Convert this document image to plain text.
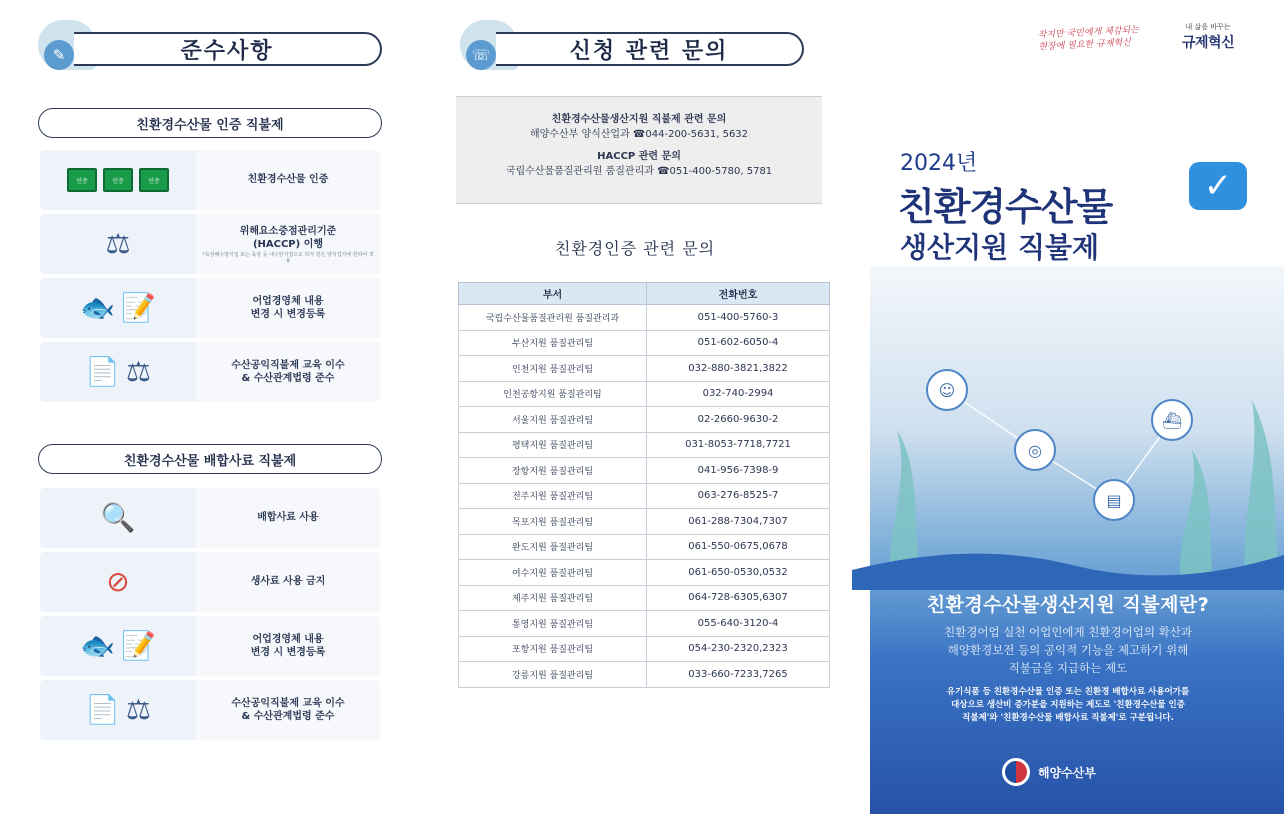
✎	준수사항
친환경수산물 인증 직불제
인증	인증	인증	친환경수산물 인증
⚖	위해요소중점관리기준
(HACCP) 이행
*육상해수양식업 또는 육상 등 내수양식업으로 허가 받은 양식업자에 한하여 적용
🐟 📝	어업경영체 내용
변경 시 변경등록
📄 ⚖	수산공익직불제 교육 이수
& 수산관계법령 준수
친환경수산물 배합사료 직불제
🔍	배합사료 사용
⊘	생사료 사용 금지
🐟 📝	어업경영체 내용
변경 시 변경등록
📄 ⚖	수산공익직불제 교육 이수
& 수산관계법령 준수
☏	신청 관련 문의
친환경수산물생산지원 직불제 관련 문의
해양수산부 양식산업과 ☎044-200-5631, 5632
HACCP 관련 문의
국립수산물품질관리원 품질관리과 ☎051-400-5780, 5781
친환경인증 관련 문의
부서	전화번호
국립수산물품질관리원 품질관리과	051-400-5760-3
부산지원 품질관리팀	051-602-6050-4
인천지원 품질관리팀	032-880-3821,3822
인천공항지원 품질관리팀	032-740-2994
서울지원 품질관리팀	02-2660-9630-2
평택지원 품질관리팀	031-8053-7718,7721
장항지원 품질관리팀	041-956-7398-9
전주지원 품질관리팀	063-276-8525-7
목포지원 품질관리팀	061-288-7304,7307
완도지원 품질관리팀	061-550-0675,0678
여수지원 품질관리팀	061-650-0530,0532
제주지원 품질관리팀	064-728-6305,6307
통영지원 품질관리팀	055-640-3120-4
포항지원 품질관리팀	054-230-2320,2323
강릉지원 품질관리팀	033-660-7233,7265
작지만 국민에게 체감되는
현장에 필요한 규제혁신
내 삶을 바꾸는
규제혁신
2024년
친환경수산물	✓
생산지원 직불제
☺
◎
▤
⛴
친환경수산물생산지원 직불제란?
친환경어업 실천 어업인에게 친환경어업의 확산과
해양환경보전 등의 공익적 기능을 제고하기 위해
직불금을 지급하는 제도
유기식품 등 친환경수산물 인증 또는 친환경 배합사료 사용어가를
대상으로 생산비 증가분을 지원하는 제도로 '친환경수산물 인증
직불제'와 '친환경수산물 배합사료 직불제'로 구분됩니다.
해양수산부
